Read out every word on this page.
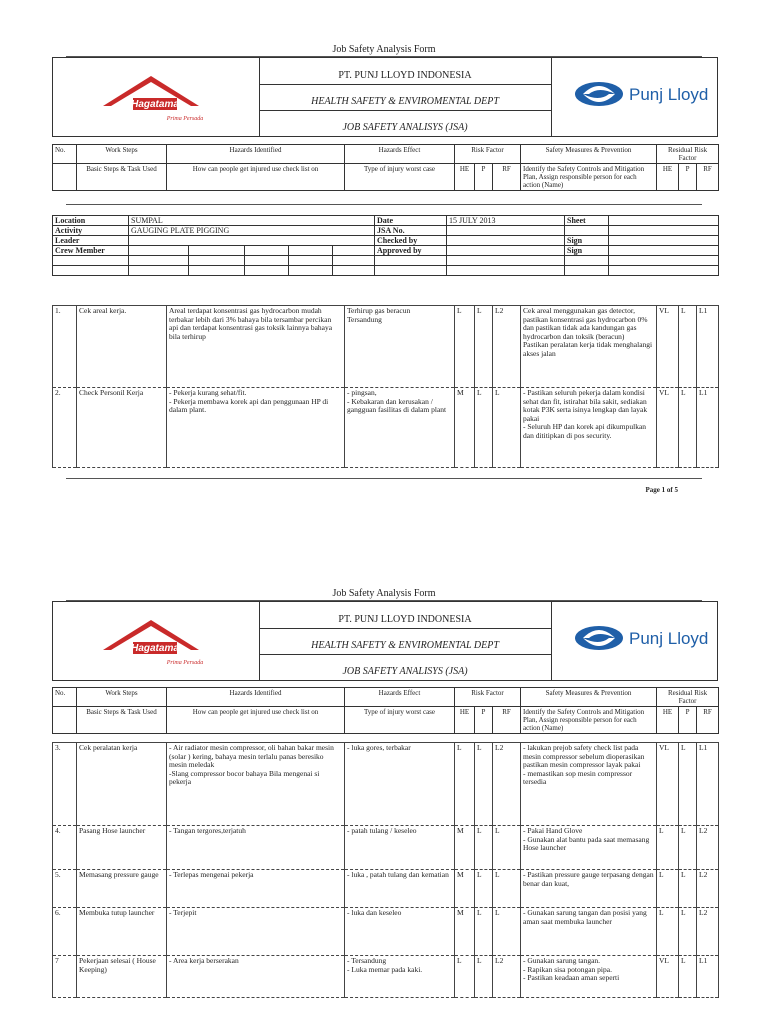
Job Safety Analysis Form
Hagatama
Prima Persada
PT. PUNJ LLOYD INDONESIA
HEALTH SAFETY & ENVIROMENTAL DEPT
JOB SAFETY ANALISYS (JSA)
Punj Lloyd
No.	Work Steps	Hazards Identified	Hazards Effect	Risk Factor			Safety Measures & Prevention	Residual Risk Factor		
	Basic Steps & Task Used	How can people get injured use check list on	Type of injury worst case	HE	P	RF	Identify the Safety Controls and Mitigation Plan, Assign responsible person for each action (Name)	HE	P	RF
Location	SUMPAL					Date	15 JULY 2013	Sheet	
Activity	GAUGING PLATE PIGGING					JSA No.			
Leader						Checked by		Sign	
Crew Member						Approved by		Sign	

1.	Cek areal kerja.	Areal terdapat konsentrasi gas hydrocarbon mudah terbakar lebih dari 3% bahaya bila tersambar percikan api dan terdapat konsentrasi gas toksik lainnya bahaya bila terhirup	Terhirup gas beracun
Tersandung	L	L	L2	Cek areal menggunakan gas detector, pastikan konsentrasi gas hydrocarbon 0% dan pastikan tidak ada kandungan gas hydrocarbon dan toksik (beracun)
Pastikan peralatan kerja tidak menghalangi akses jalan	VL	L	L1
2.	Check Personil Kerja	- Pekerja kurang sehat/fit.
- Pekerja membawa korek api dan penggunaan HP di dalam plant.	- pingsan,
- Kebakaran dan kerusakan / gangguan fasilitas di dalam plant	M	L	L	- Pastikan seluruh pekerja dalam kondisi sehat dan fit, istirahat bila sakit, sediakan kotak P3K serta isinya lengkap dan layak pakai
- Seluruh HP dan korek api dikumpulkan dan dititipkan di pos security.	VL	L	L1
Page 1 of 5
Job Safety Analysis Form
Hagatama
Prima Persada
PT. PUNJ LLOYD INDONESIA
HEALTH SAFETY & ENVIROMENTAL DEPT
JOB SAFETY ANALISYS (JSA)
Punj Lloyd
No.	Work Steps	Hazards Identified	Hazards Effect	Risk Factor			Safety Measures & Prevention	Residual Risk Factor		
	Basic Steps & Task Used	How can people get injured use check list on	Type of injury worst case	HE	P	RF	Identify the Safety Controls and Mitigation Plan, Assign responsible person for each action (Name)	HE	P	RF
3.	Cek peralatan kerja	- Air radiator mesin compressor, oli bahan bakar mesin (solar ) kering, bahaya mesin terlalu panas beresiko mesin meledak
-Slang compressor bocor bahaya Bila mengenai si pekerja	- luka gores, terbakar	L	L	L2	- lakukan prejob safety check list pada mesin compressor sebelum dioperasikan pastikan mesin compressor layak pakai
- memastikan sop mesin compressor tersedia	VL	L	L1
4.	Pasang Hose launcher	- Tangan tergores,terjatuh	- patah tulang / keseleo	M	L	L	- Pakai Hand Glove
- Gunakan alat bantu pada saat memasang Hose launcher	L	L	L2
5.	Memasang pressure gauge	- Terlepas mengenai pekerja	- luka , patah tulang dan kematian	M	L	L	- Pastikan pressure gauge terpasang dengan benar dan kuat,	L	L	L2
6.	Membuka tutup launcher	- Terjepit	- luka dan keseleo	M	L	L	- Gunakan sarung tangan dan posisi yang aman saat membuka launcher	L	L	L2
7	Pekerjaan selesai ( House Keeping)	- Area kerja berserakan	- Tersandung
- Luka memar pada kaki.	L	L	L2	- Gunakan sarung tangan.
- Rapikan sisa potongan pipa.
- Pastikan keadaan aman seperti	VL	L	L1
